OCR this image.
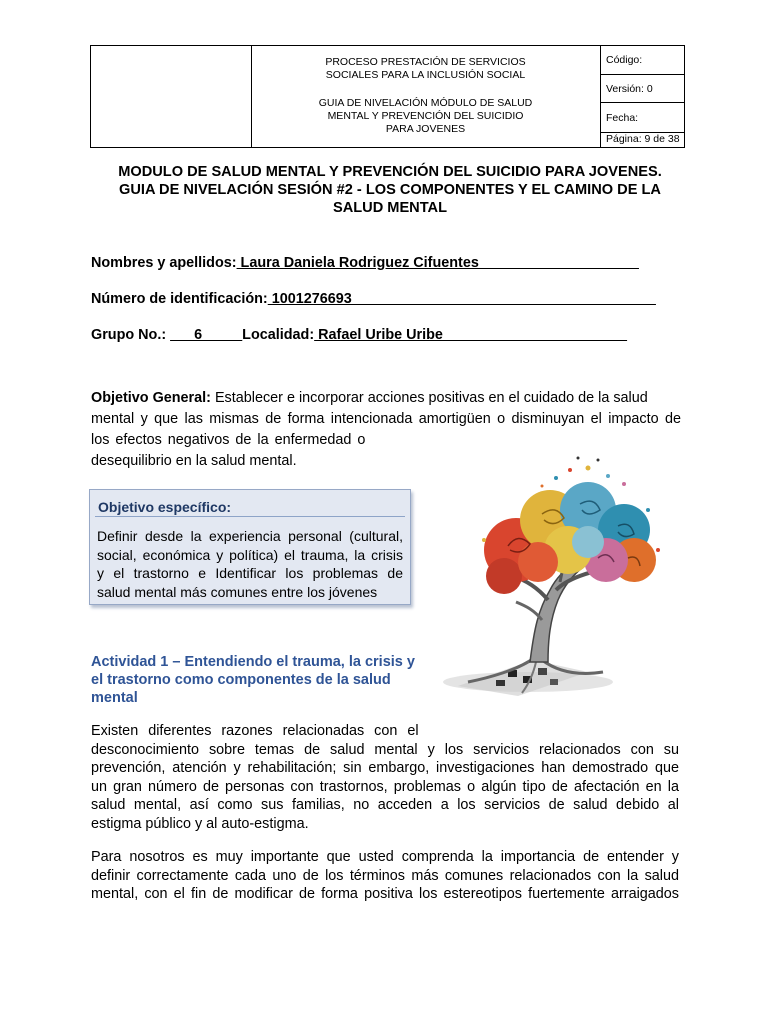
PROCESO PRESTACIÓN DE SERVICIOS
SOCIALES PARA LA INCLUSIÓN SOCIAL
GUIA DE NIVELACIÓN MÓDULO DE SALUD
MENTAL Y PREVENCIÓN DEL SUICIDIO
PARA JOVENES
Código:
Versión: 0
Fecha:
Página: 9 de 38
MODULO DE SALUD MENTAL Y PREVENCIÓN DEL SUICIDIO PARA JOVENES.
GUIA DE NIVELACIÓN SESIÓN #2 - LOS COMPONENTES Y EL CAMINO DE LA
SALUD MENTAL
Nombres y apellidos: Laura Daniela Rodriguez Cifuentes____________________
Número de identificación: 1001276693______________________________________
Grupo No.: ___6_____Localidad: Rafael Uribe Uribe_______________________
Objetivo General: Establecer e incorporar acciones positivas en el cuidado de la salud
mental y que las mismas de forma intencionada amortigüen o disminuyan el impacto de
los efectos negativos de la enfermedad o
desequilibrio en la salud mental.
Objetivo específico:
Definir desde la experiencia personal (cultural,
social, económica y política) el trauma, la crisis
y el trastorno e Identificar los problemas de
salud mental más comunes entre los jóvenes
Actividad 1 – Entendiendo el trauma, la crisis y
el trastorno como componentes de la salud
mental
Existen diferentes razones relacionadas con el
desconocimiento sobre temas de salud mental y los servicios relacionados con su
prevención, atención y rehabilitación; sin embargo, investigaciones han demostrado que
un gran número de personas con trastornos, problemas o algún tipo de afectación en la
salud mental, así como sus familias, no acceden a los servicios de salud debido al
estigma público y al auto-estigma.
Para nosotros es muy importante que usted comprenda la importancia de entender y
definir correctamente cada uno de los términos más comunes relacionados con la salud
mental, con el fin de modificar de forma positiva los estereotipos fuertemente arraigados
